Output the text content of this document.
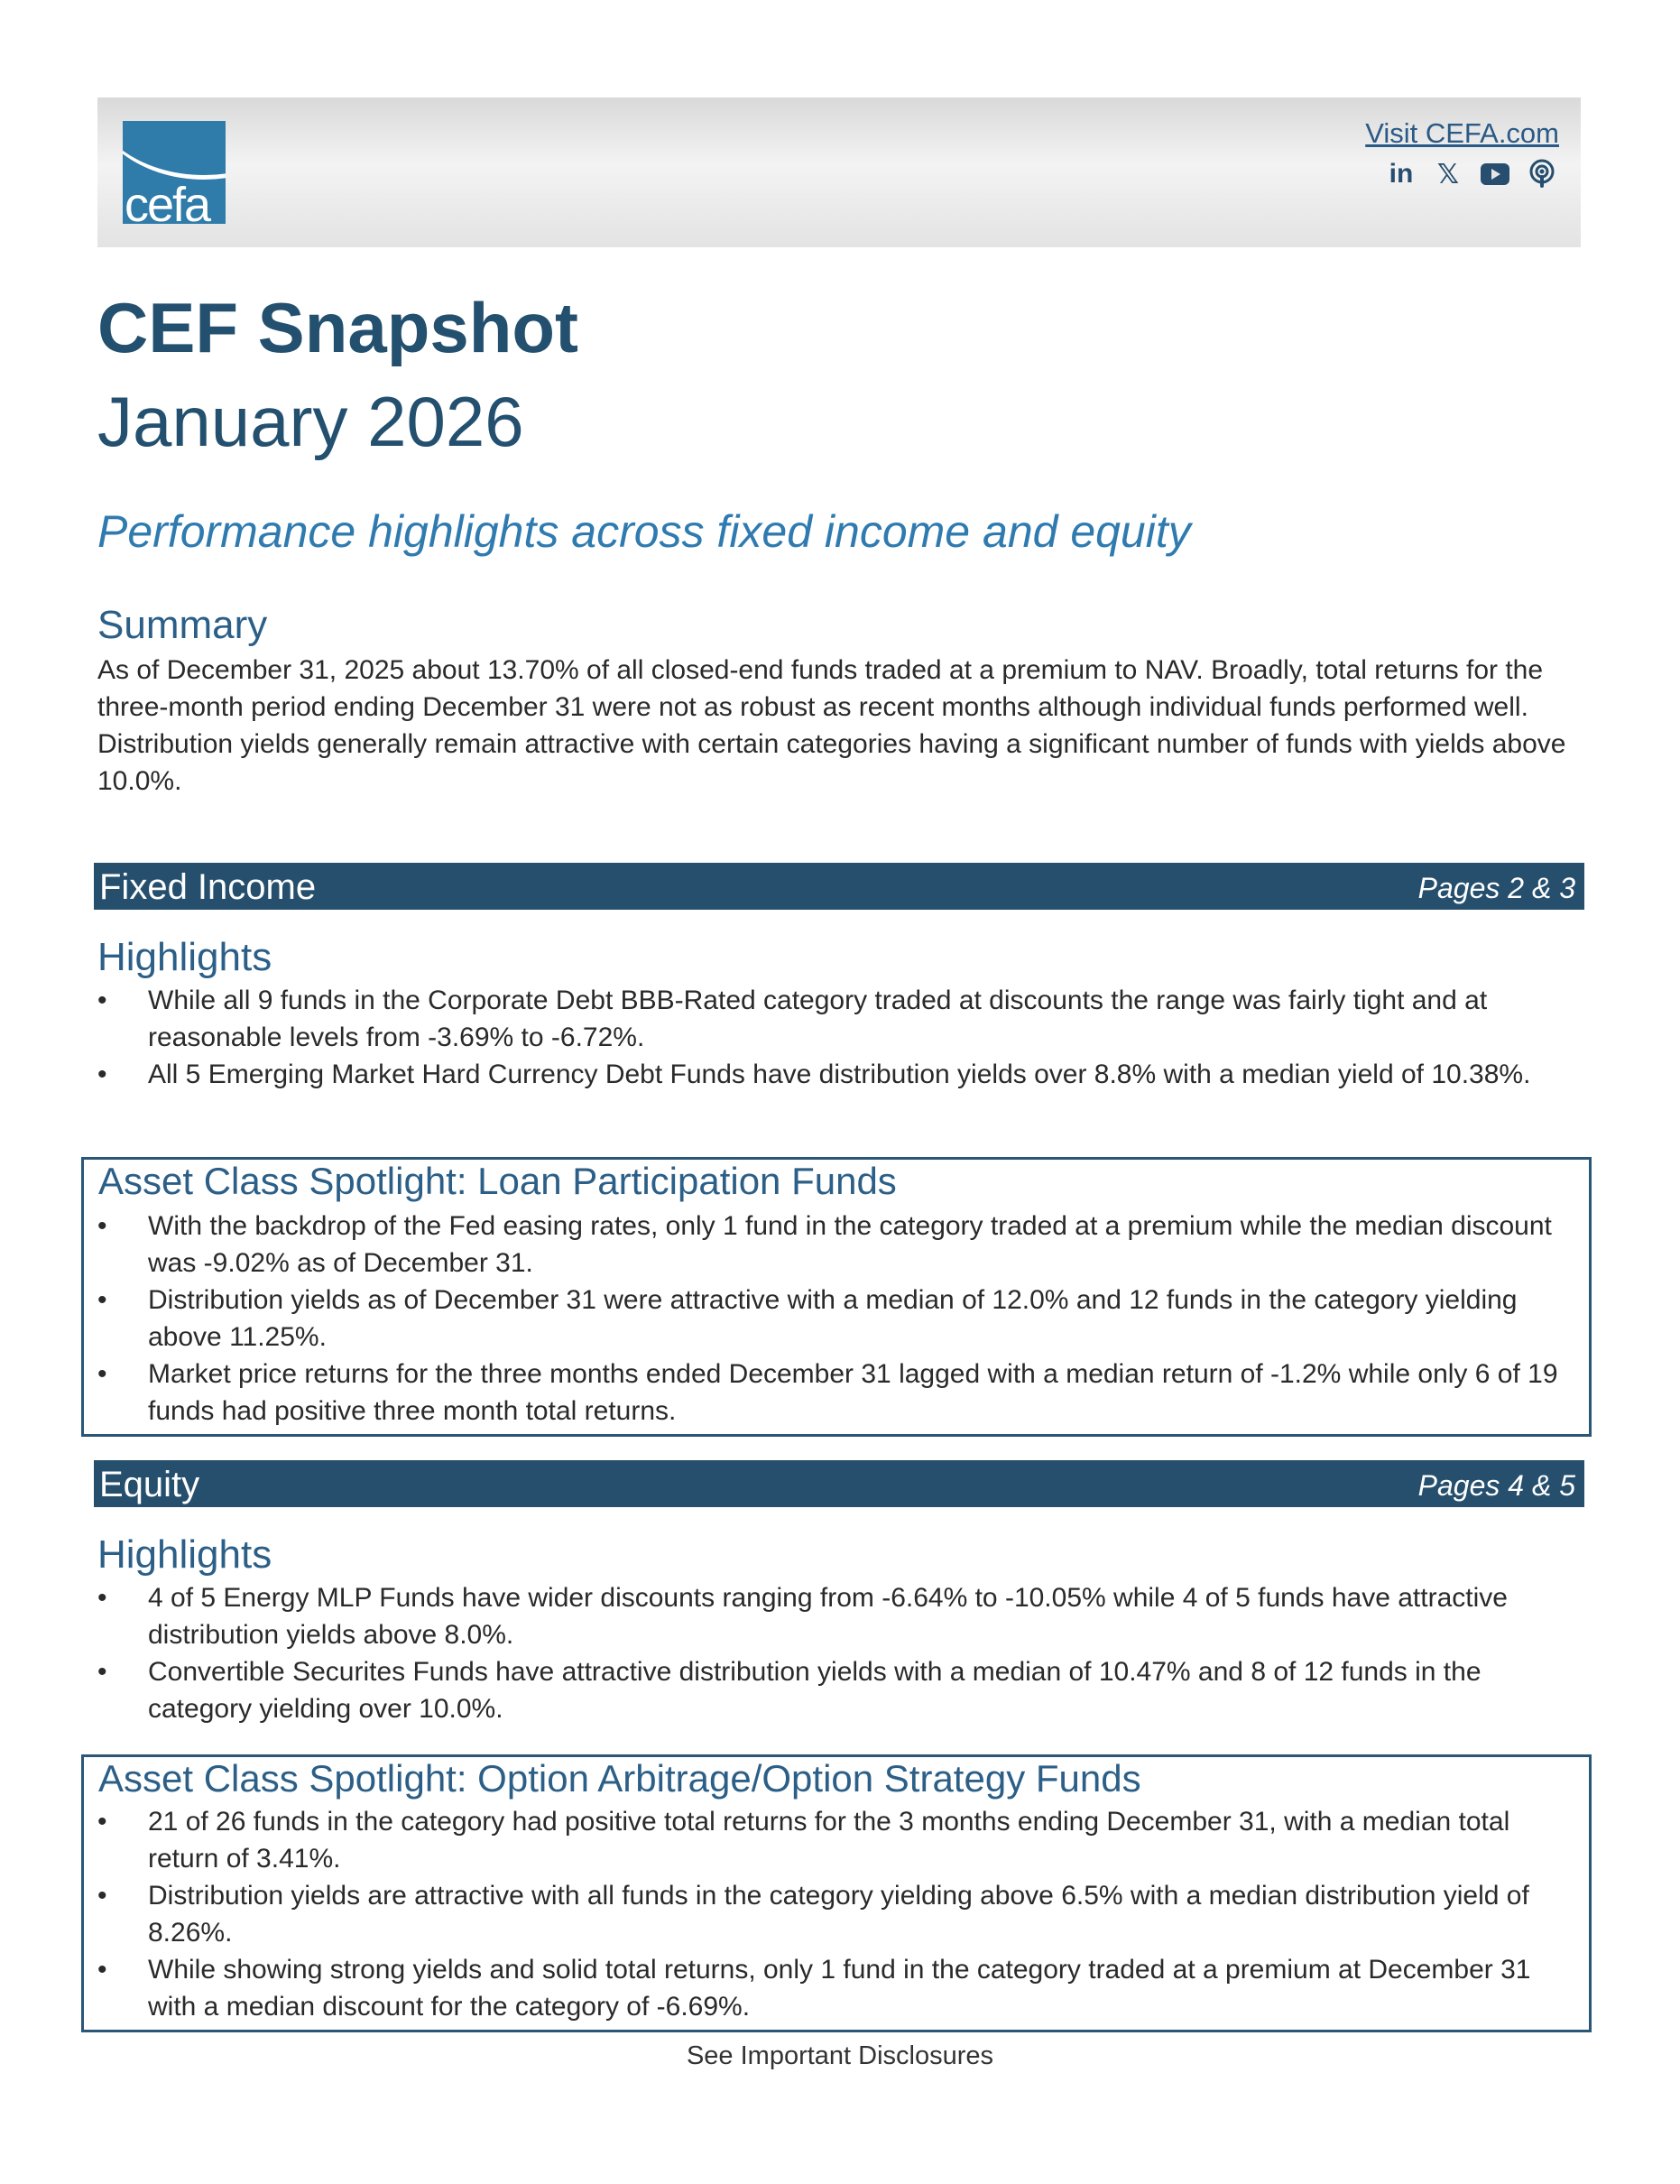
cefa
Visit CEFA.com
in 𝕏
CEF Snapshot
January 2026
Performance highlights across fixed income and equity
Summary
As of December 31, 2025 about 13.70% of all closed-end funds traded at a premium to NAV. Broadly, total returns for the three-month period ending December 31 were not as robust as recent months although individual funds performed well. Distribution yields generally remain attractive with certain categories having a significant number of funds with yields above 10.0%.
Fixed Income	Pages 2 & 3
Highlights
• While all 9 funds in the Corporate Debt BBB-Rated category traded at discounts the range was fairly tight and at reasonable levels from -3.69% to -6.72%.
• All 5 Emerging Market Hard Currency Debt Funds have distribution yields over 8.8% with a median yield of 10.38%.
Asset Class Spotlight: Loan Participation Funds
• With the backdrop of the Fed easing rates, only 1 fund in the category traded at a premium while the median discount was -9.02% as of December 31.
• Distribution yields as of December 31 were attractive with a median of 12.0% and 12 funds in the category yielding above 11.25%.
• Market price returns for the three months ended December 31 lagged with a median return of -1.2% while only 6 of 19 funds had positive three month total returns.
Equity	Pages 4 & 5
Highlights
• 4 of 5 Energy MLP Funds have wider discounts ranging from -6.64% to -10.05% while 4 of 5 funds have attractive distribution yields above 8.0%.
• Convertible Securites Funds have attractive distribution yields with a median of 10.47% and 8 of 12 funds in the category yielding over 10.0%.
Asset Class Spotlight: Option Arbitrage/Option Strategy Funds
• 21 of 26 funds in the category had positive total returns for the 3 months ending December 31, with a median total return of 3.41%.
• Distribution yields are attractive with all funds in the category yielding above 6.5% with a median distribution yield of 8.26%.
• While showing strong yields and solid total returns, only 1 fund in the category traded at a premium at December 31 with a median discount for the category of -6.69%.
See Important Disclosures
